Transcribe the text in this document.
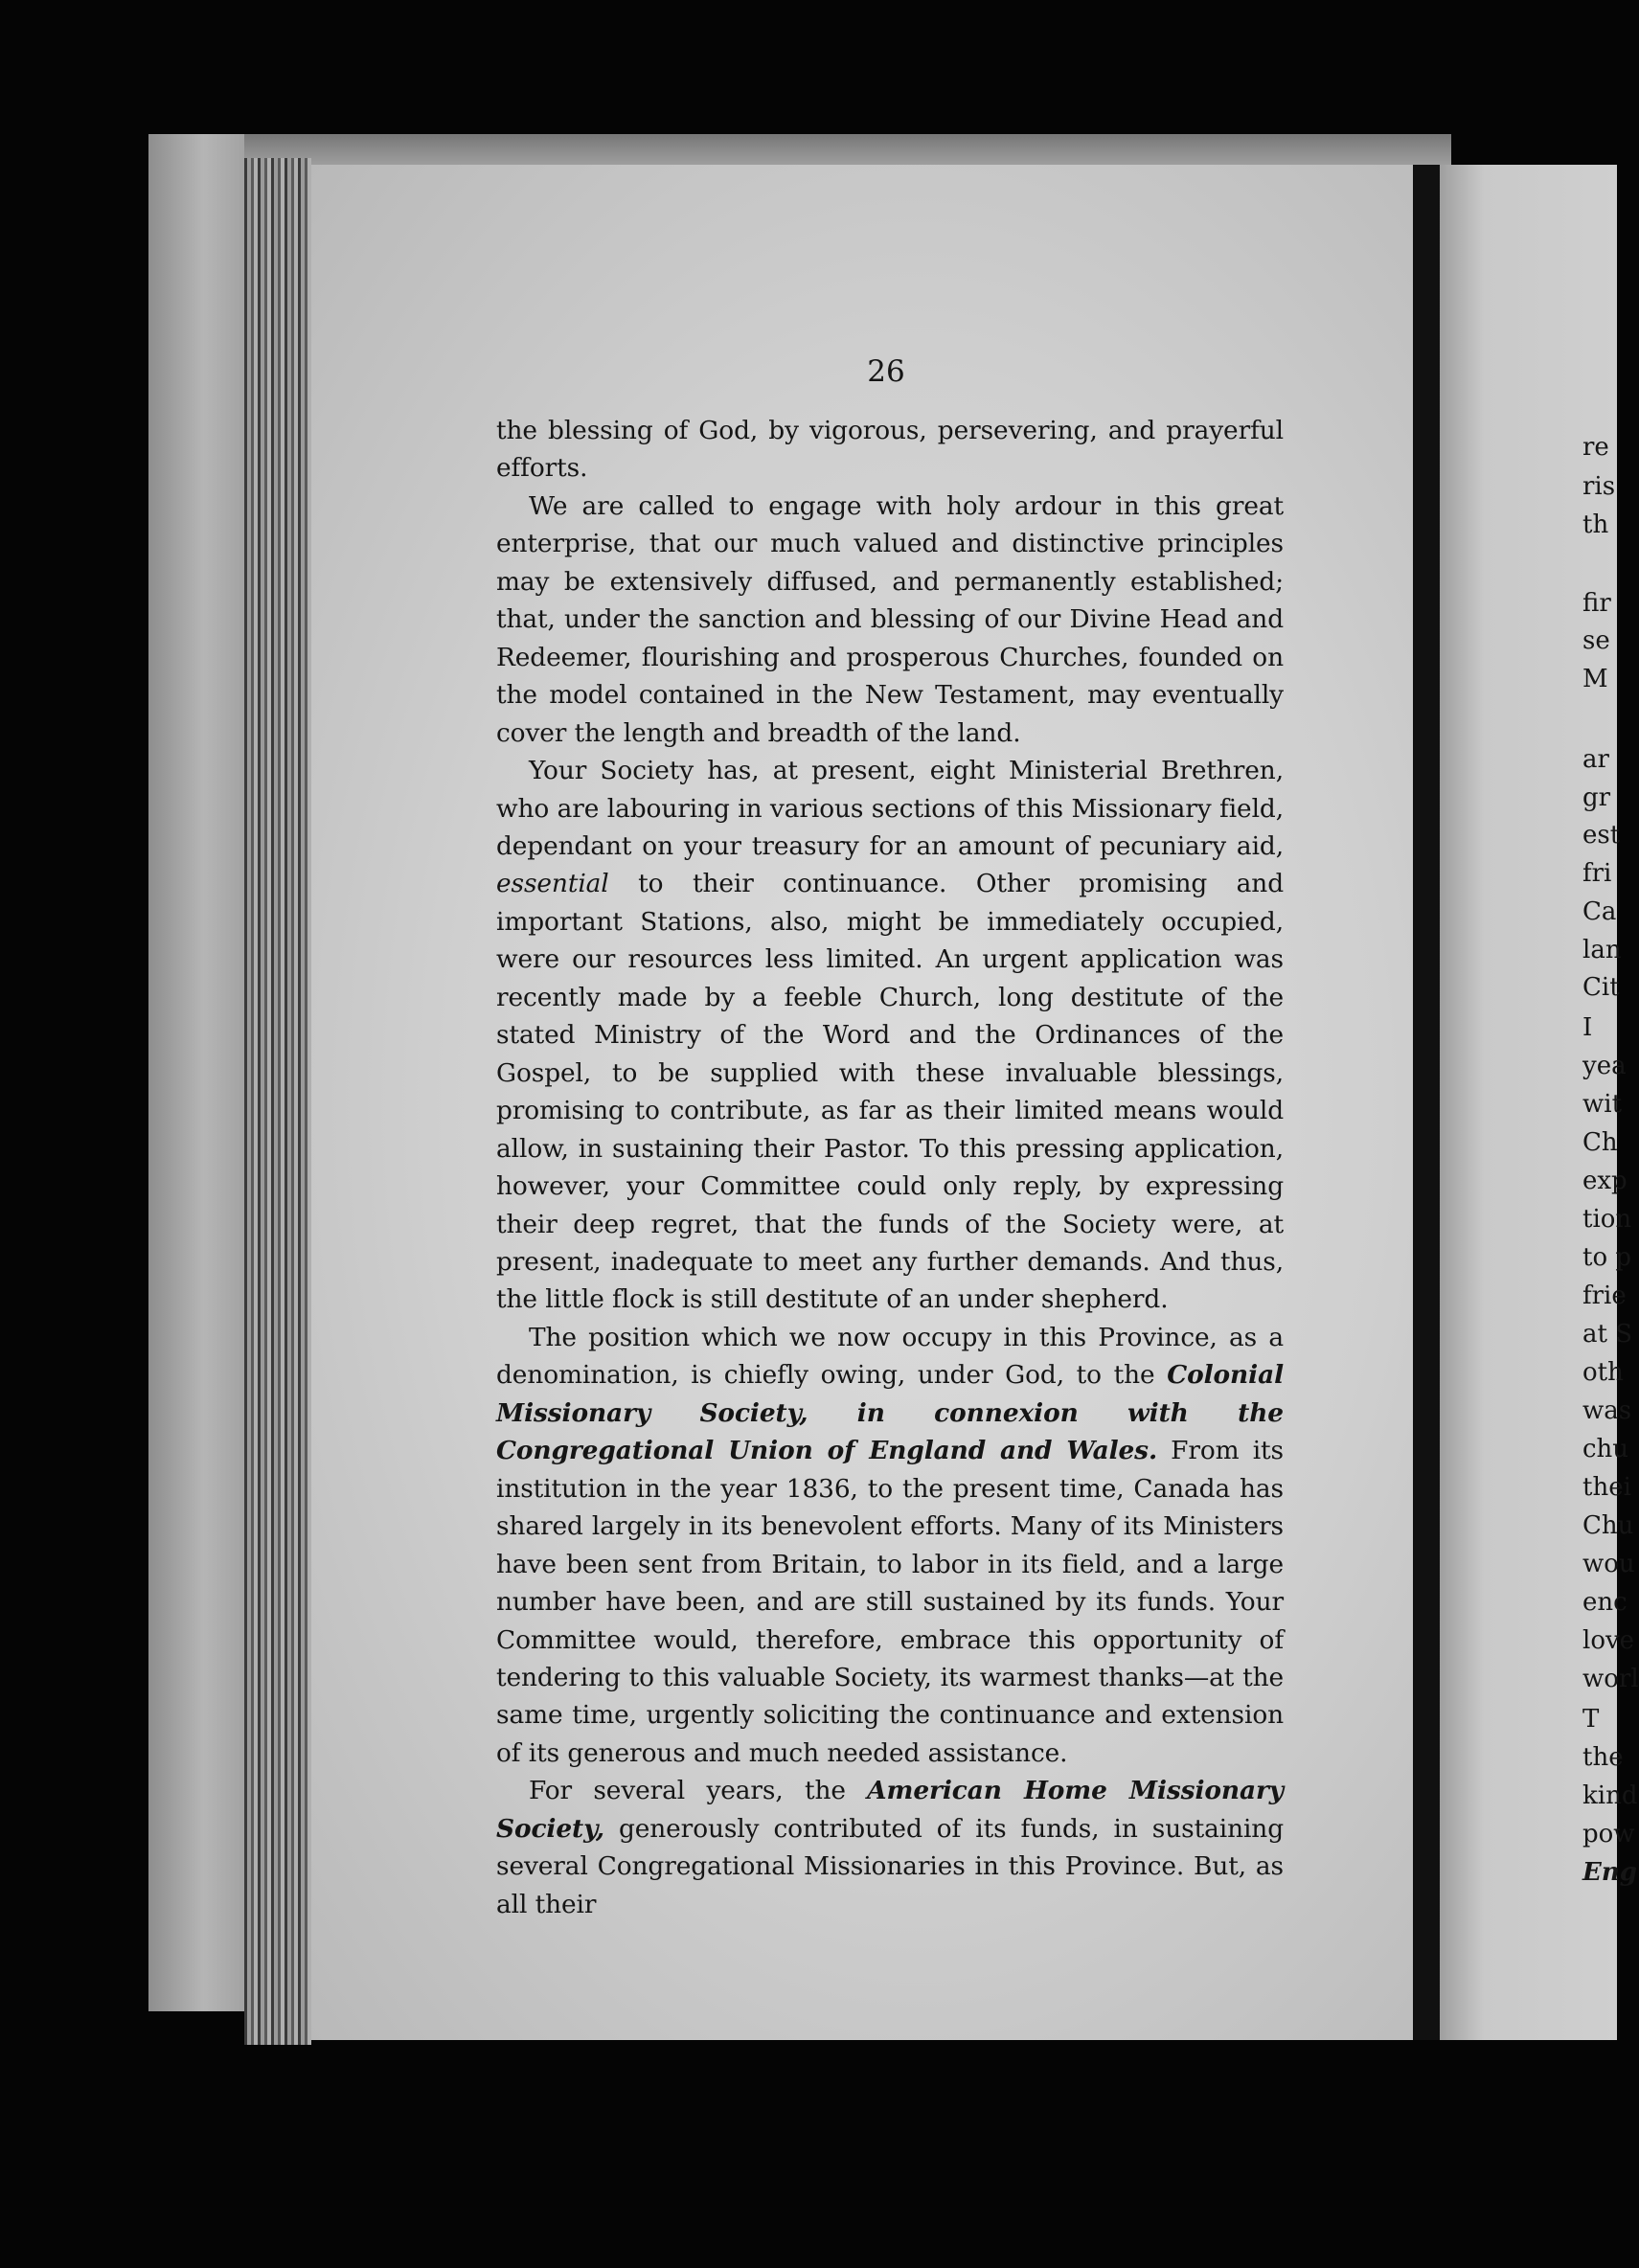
26

the blessing of God, by vigorous, persevering, and prayerful efforts.

We are called to engage with holy ardour in this great enterprise, that our much valued and distinctive principles may be extensively diffused, and permanently established; that, under the sanction and blessing of our Divine Head and Redeemer, flourishing and prosperous Churches, founded on the model contained in the New Testament, may eventually cover the length and breadth of the land.

Your Society has, at present, eight Ministerial Brethren, who are labouring in various sections of this Missionary field, dependant on your treasury for an amount of pecuniary aid, essential to their continuance. Other promising and important Stations, also, might be immediately occupied, were our resources less limited. An urgent application was recently made by a feeble Church, long destitute of the stated Ministry of the Word and the Ordinances of the Gospel, to be supplied with these invaluable blessings, promising to contribute, as far as their limited means would allow, in sustaining their Pastor. To this pressing application, however, your Committee could only reply, by expressing their deep regret, that the funds of the Society were, at present, inadequate to meet any further demands. And thus, the little flock is still destitute of an under shepherd.

The position which we now occupy in this Province, as a denomination, is chiefly owing, under God, to the Colonial Missionary Society, in connexion with the Congregational Union of England and Wales. From its institution in the year 1836, to the present time, Canada has shared largely in its benevolent efforts. Many of its Ministers have been sent from Britain, to labor in its field, and a large number have been, and are still sustained by its funds. Your Committee would, therefore, embrace this opportunity of tendering to this valuable Society, its warmest thanks—at the same time, urgently soliciting the continuance and extension of its generous and much needed assistance.

For several years, the American Home Missionary Society, generously contributed of its funds, in sustaining several Congregational Missionaries in this Province. But, as all their

re
ris
th
fir
se
M
ar
gr
est
fri
Ca
lan
Cit
I
yea
wit
Ch
exp
tion
to p
frie
at S
oth
was
chu
thei
Chu
wou
enc
love
worl
T
the
kind
pow
Eng
